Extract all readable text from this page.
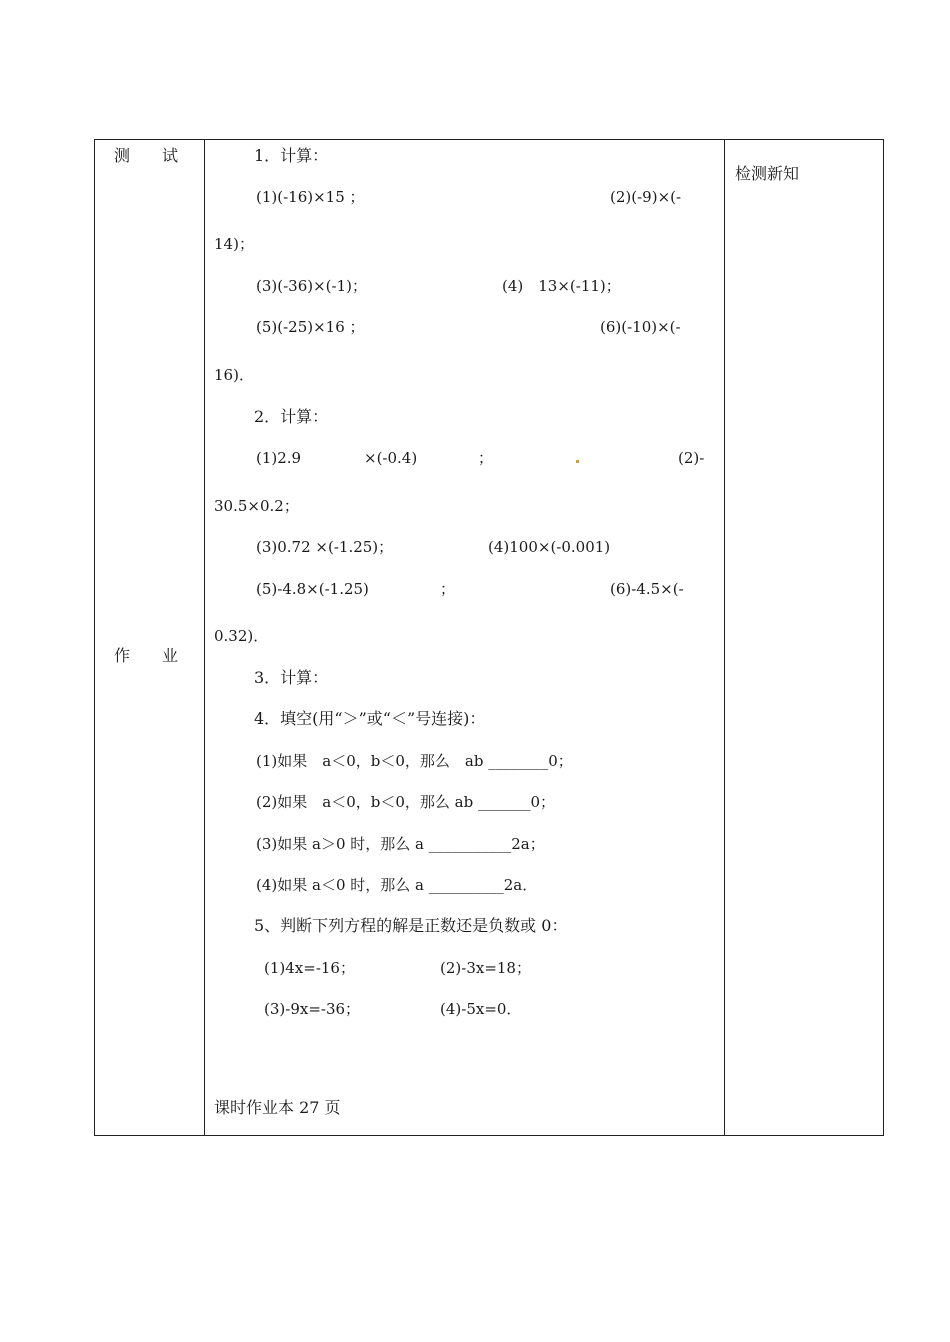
测　　试
作　　业
检测新知
1．计算：
(1)(-16)×15 ；	(2)(-9)×(-
14)；
(3)(-36)×(-1)；	(4)　13×(-11)；
(5)(-25)×16 ；	(6)(-10)×(-
16)．
2．计算：
(1)2.9	×(-0.4)	；	(2)-
30.5×0.2；
(3)0.72 ×(-1.25)；	(4)100×(-0.001)
(5)-4.8×(-1.25)	；	(6)-4.5×(-
0.32)．
3．计算：
4．填空(用“＞”或“＜”号连接)：
(1)如果　a＜0，b＜0，那么　ab ________0；
(2)如果　a＜0，b＜0，那么 ab _______0；
(3)如果 a＞0 时，那么 a ___________2a；
(4)如果 a＜0 时，那么 a __________2a．
5、判断下列方程的解是正数还是负数或 0：
(1)4x=-16；	(2)-3x=18；
(3)-9x=-36；	(4)-5x=0．
课时作业本 27 页
